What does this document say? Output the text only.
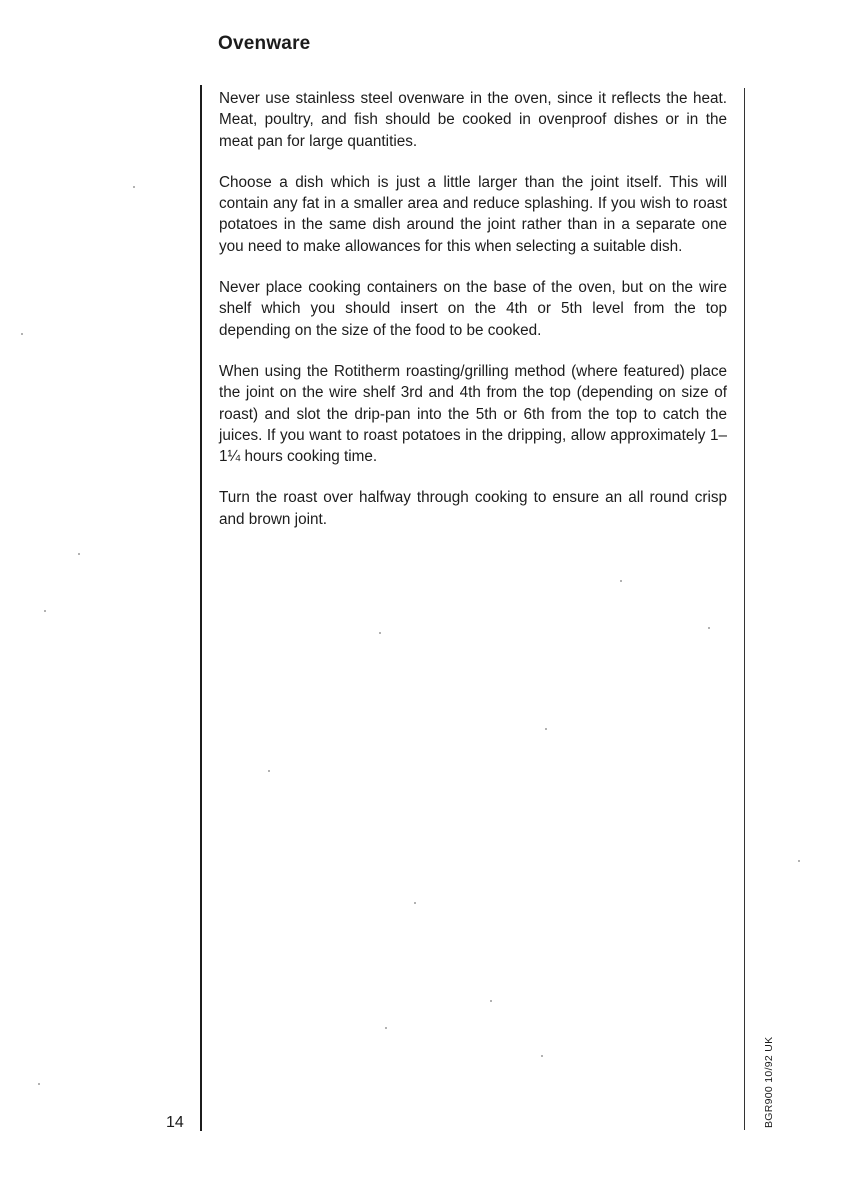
Ovenware

Never use stainless steel ovenware in the oven, since it reflects the heat. Meat, poultry, and fish should be cooked in ovenproof dishes or in the meat pan for large quantities.

Choose a dish which is just a little larger than the joint itself. This will contain any fat in a smaller area and reduce splashing. If you wish to roast potatoes in the same dish around the joint rather than in a separate one you need to make allowances for this when selecting a suitable dish.

Never place cooking containers on the base of the oven, but on the wire shelf which you should insert on the 4th or 5th level from the top depending on the size of the food to be cooked.

When using the Rotitherm roasting/grilling method (where featured) place the joint on the wire shelf 3rd and 4th from the top (depending on size of roast) and slot the drip-pan into the 5th or 6th from the top to catch the juices. If you want to roast potatoes in the dripping, allow approximately 1–1¼ hours cooking time.

Turn the roast over halfway through cooking to ensure an all round crisp and brown joint.

14	BGR900 10/92 UK
